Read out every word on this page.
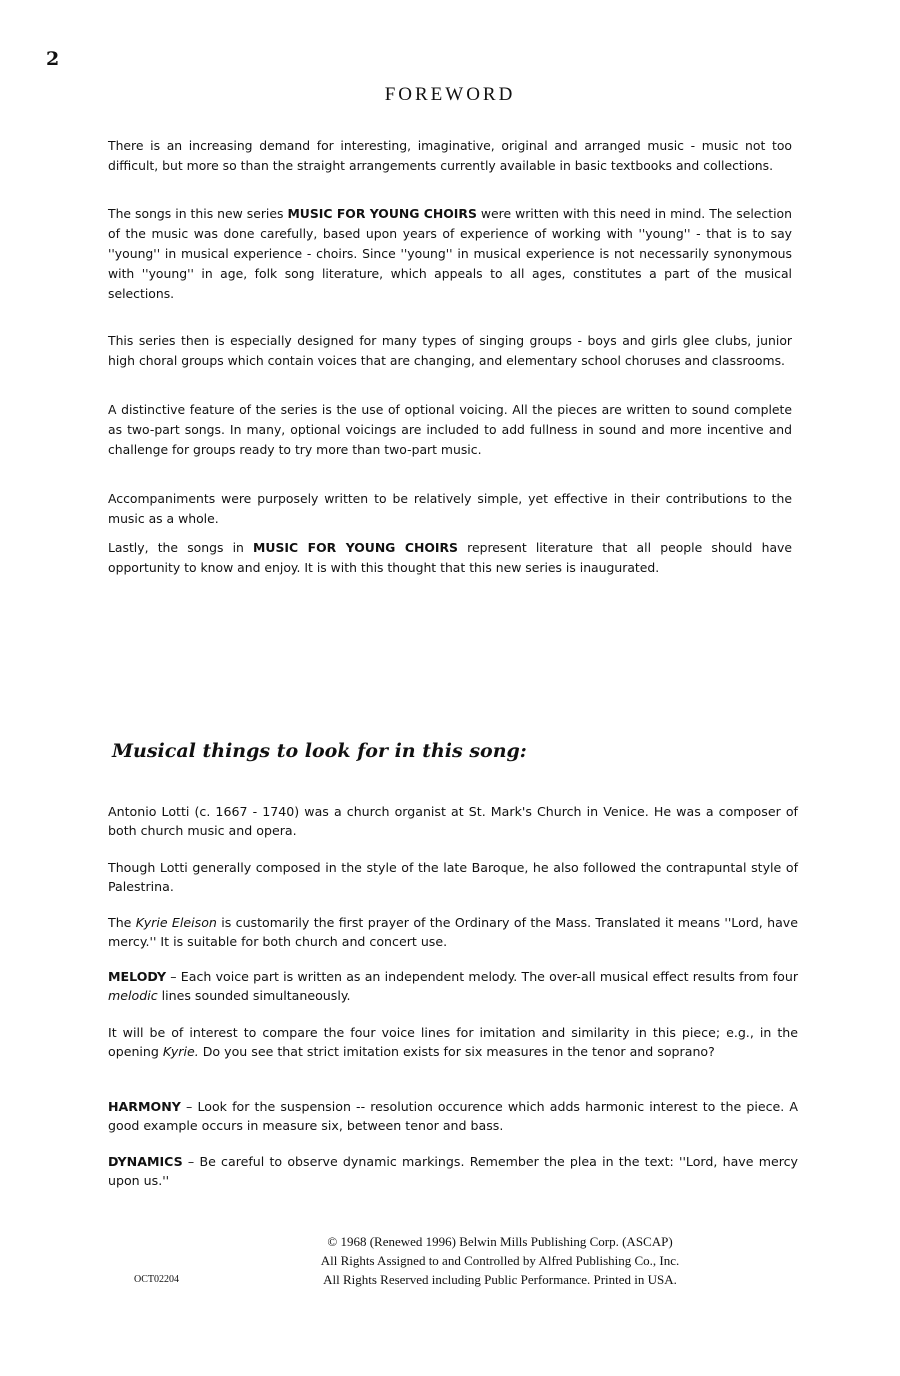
2
FOREWORD

There is an increasing demand for interesting, imaginative, original and arranged music - music not too difficult, but more so than the straight arrangements currently available in basic textbooks and collections.

The songs in this new series MUSIC FOR YOUNG CHOIRS were written with this need in mind. The selection of the music was done carefully, based upon years of experience of working with ''young'' - that is to say ''young'' in musical experience - choirs. Since ''young'' in musical experience is not necessarily synonymous with ''young'' in age, folk song literature, which appeals to all ages, constitutes a part of the musical selections.

This series then is especially designed for many types of singing groups - boys and girls glee clubs, junior high choral groups which contain voices that are changing, and elementary school choruses and classrooms.

A distinctive feature of the series is the use of optional voicing. All the pieces are written to sound complete as two-part songs. In many, optional voicings are included to add fullness in sound and more incentive and challenge for groups ready to try more than two-part music.

Accompaniments were purposely written to be relatively simple, yet effective in their contributions to the music as a whole.

Lastly, the songs in MUSIC FOR YOUNG CHOIRS represent literature that all people should have opportunity to know and enjoy. It is with this thought that this new series is inaugurated.

Musical things to look for in this song:

Antonio Lotti (c. 1667 - 1740) was a church organist at St. Mark's Church in Venice. He was a composer of both church music and opera.

Though Lotti generally composed in the style of the late Baroque, he also followed the contrapuntal style of Palestrina.

The Kyrie Eleison is customarily the first prayer of the Ordinary of the Mass. Translated it means ''Lord, have mercy.'' It is suitable for both church and concert use.

MELODY – Each voice part is written as an independent melody. The over-all musical effect results from four melodic lines sounded simultaneously.

It will be of interest to compare the four voice lines for imitation and similarity in this piece; e.g., in the opening Kyrie. Do you see that strict imitation exists for six measures in the tenor and soprano?

HARMONY – Look for the suspension -- resolution occurence which adds harmonic interest to the piece. A good example occurs in measure six, between tenor and bass.

DYNAMICS – Be careful to observe dynamic markings. Remember the plea in the text: ''Lord, have mercy upon us.''

© 1968 (Renewed 1996) Belwin Mills Publishing Corp. (ASCAP)

All Rights Assigned to and Controlled by Alfred Publishing Co., Inc.

All Rights Reserved including Public Performance. Printed in USA.

OCT02204
